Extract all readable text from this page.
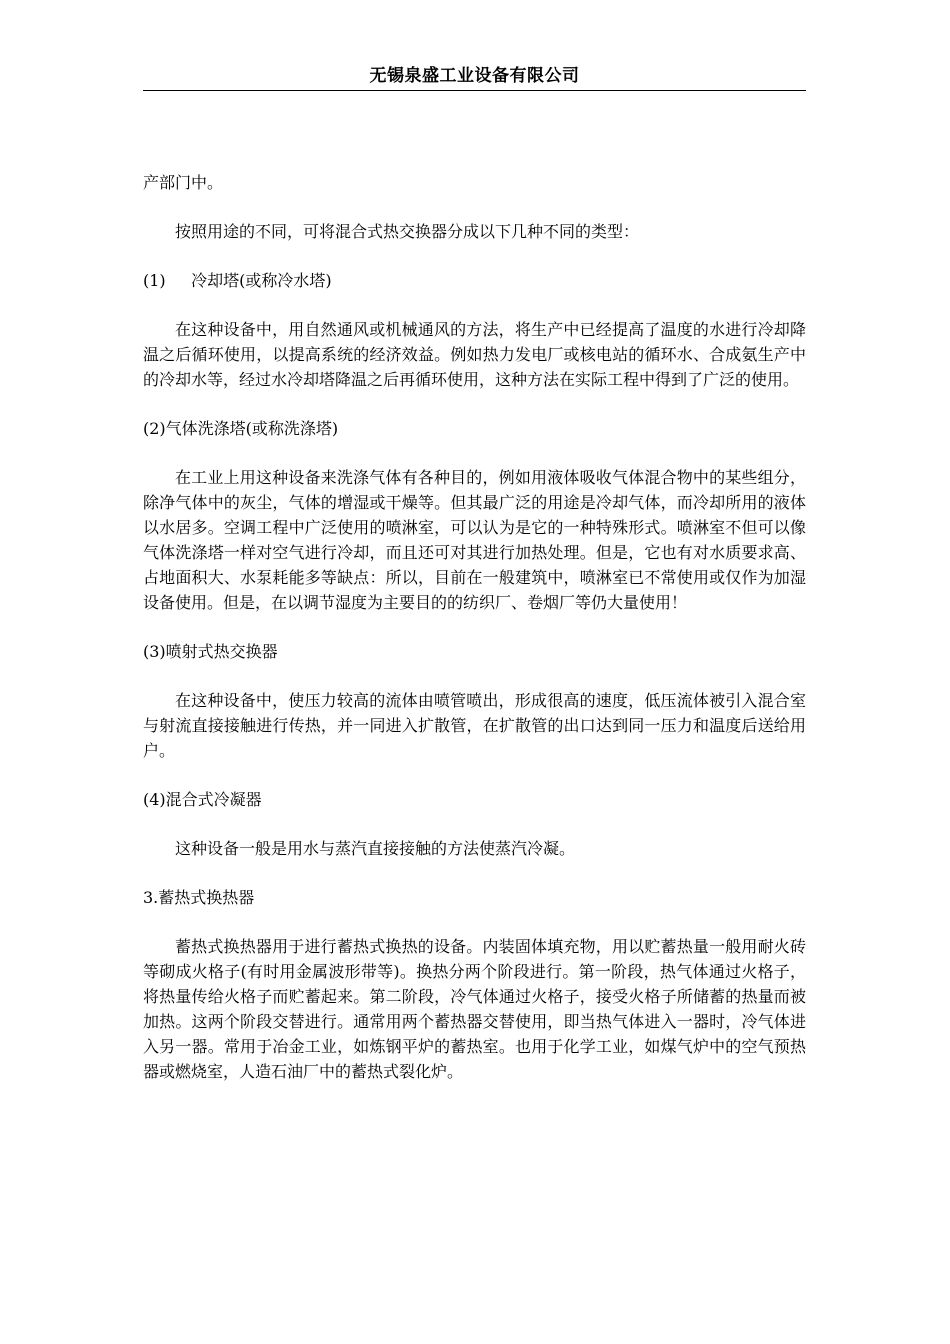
无锡泉盛工业设备有限公司

产部门中。

按照用途的不同，可将混合式热交换器分成以下几种不同的类型：

(1)     冷却塔(或称冷水塔)

在这种设备中，用自然通风或机械通风的方法，将生产中已经提高了温度的水进行冷却降温之后循环使用，以提高系统的经济效益。例如热力发电厂或核电站的循环水、合成氨生产中的冷却水等，经过水冷却塔降温之后再循环使用，这种方法在实际工程中得到了广泛的使用。

(2)气体洗涤塔(或称洗涤塔)

在工业上用这种设备来洗涤气体有各种目的，例如用液体吸收气体混合物中的某些组分，除净气体中的灰尘，气体的增湿或干燥等。但其最广泛的用途是冷却气体，而冷却所用的液体以水居多。空调工程中广泛使用的喷淋室，可以认为是它的一种特殊形式。喷淋室不但可以像气体洗涤塔一样对空气进行冷却，而且还可对其进行加热处理。但是，它也有对水质要求高、占地面积大、水泵耗能多等缺点：所以，目前在一般建筑中，喷淋室已不常使用或仅作为加湿设备使用。但是，在以调节湿度为主要目的的纺织厂、卷烟厂等仍大量使用！

(3)喷射式热交换器

在这种设备中，使压力较高的流体由喷管喷出，形成很高的速度，低压流体被引入混合室与射流直接接触进行传热，并一同进入扩散管，在扩散管的出口达到同一压力和温度后送给用户。

(4)混合式冷凝器

这种设备一般是用水与蒸汽直接接触的方法使蒸汽冷凝。

3.蓄热式换热器

蓄热式换热器用于进行蓄热式换热的设备。内装固体填充物，用以贮蓄热量一般用耐火砖等砌成火格子(有时用金属波形带等)。换热分两个阶段进行。第一阶段，热气体通过火格子，将热量传给火格子而贮蓄起来。第二阶段，冷气体通过火格子，接受火格子所储蓄的热量而被加热。这两个阶段交替进行。通常用两个蓄热器交替使用，即当热气体进入一器时，冷气体进入另一器。常用于冶金工业，如炼钢平炉的蓄热室。也用于化学工业，如煤气炉中的空气预热器或燃烧室，人造石油厂中的蓄热式裂化炉。
